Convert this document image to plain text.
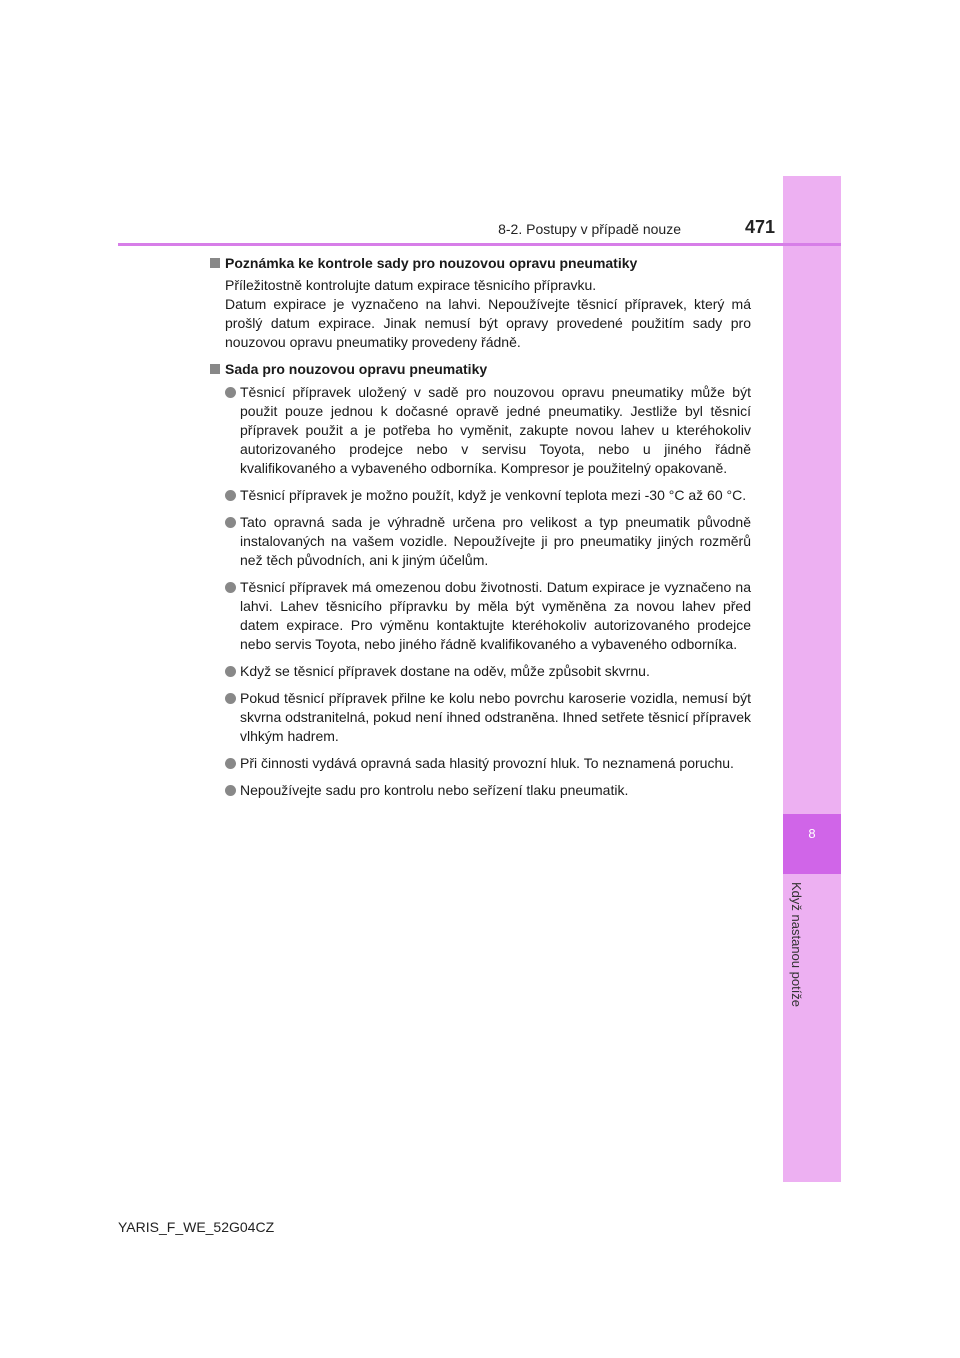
8
Když nastanou potíže
8-2. Postupy v případě nouze	471

Poznámka ke kontrole sady pro nouzovou opravu pneumatiky

Příležitostně kontrolujte datum expirace těsnicího přípravku.

Datum expirace je vyznačeno na lahvi. Nepoužívejte těsnicí přípravek, který má prošlý datum expirace. Jinak nemusí být opravy provedené použitím sady pro nouzovou opravu pneumatiky provedeny řádně.

Sada pro nouzovou opravu pneumatiky

Těsnicí přípravek uložený v sadě pro nouzovou opravu pneumatiky může být použit pouze jednou k dočasné opravě jedné pneumatiky. Jestliže byl těsnicí přípravek použit a je potřeba ho vyměnit, zakupte novou lahev u kteréhokoliv autorizovaného prodejce nebo v servisu Toyota, nebo u jiného řádně kvalifikovaného a vybaveného odborníka. Kompresor je použitelný opakovaně.
Těsnicí přípravek je možno použít, když je venkovní teplota mezi -30 °C až 60 °C.
Tato opravná sada je výhradně určena pro velikost a typ pneumatik původně instalovaných na vašem vozidle. Nepoužívejte ji pro pneumatiky jiných rozměrů než těch původních, ani k jiným účelům.
Těsnicí přípravek má omezenou dobu životnosti. Datum expirace je vyznačeno na lahvi. Lahev těsnicího přípravku by měla být vyměněna za novou lahev před datem expirace. Pro výměnu kontaktujte kteréhokoliv autorizovaného prodejce nebo servis Toyota, nebo jiného řádně kvalifikovaného a vybaveného odborníka.
Když se těsnicí přípravek dostane na oděv, může způsobit skvrnu.
Pokud těsnicí přípravek přilne ke kolu nebo povrchu karoserie vozidla, nemusí být skvrna odstranitelná, pokud není ihned odstraněna. Ihned setřete těsnicí přípravek vlhkým hadrem.
Při činnosti vydává opravná sada hlasitý provozní hluk. To neznamená poruchu.
Nepoužívejte sadu pro kontrolu nebo seřízení tlaku pneumatik.
YARIS_F_WE_52G04CZ
